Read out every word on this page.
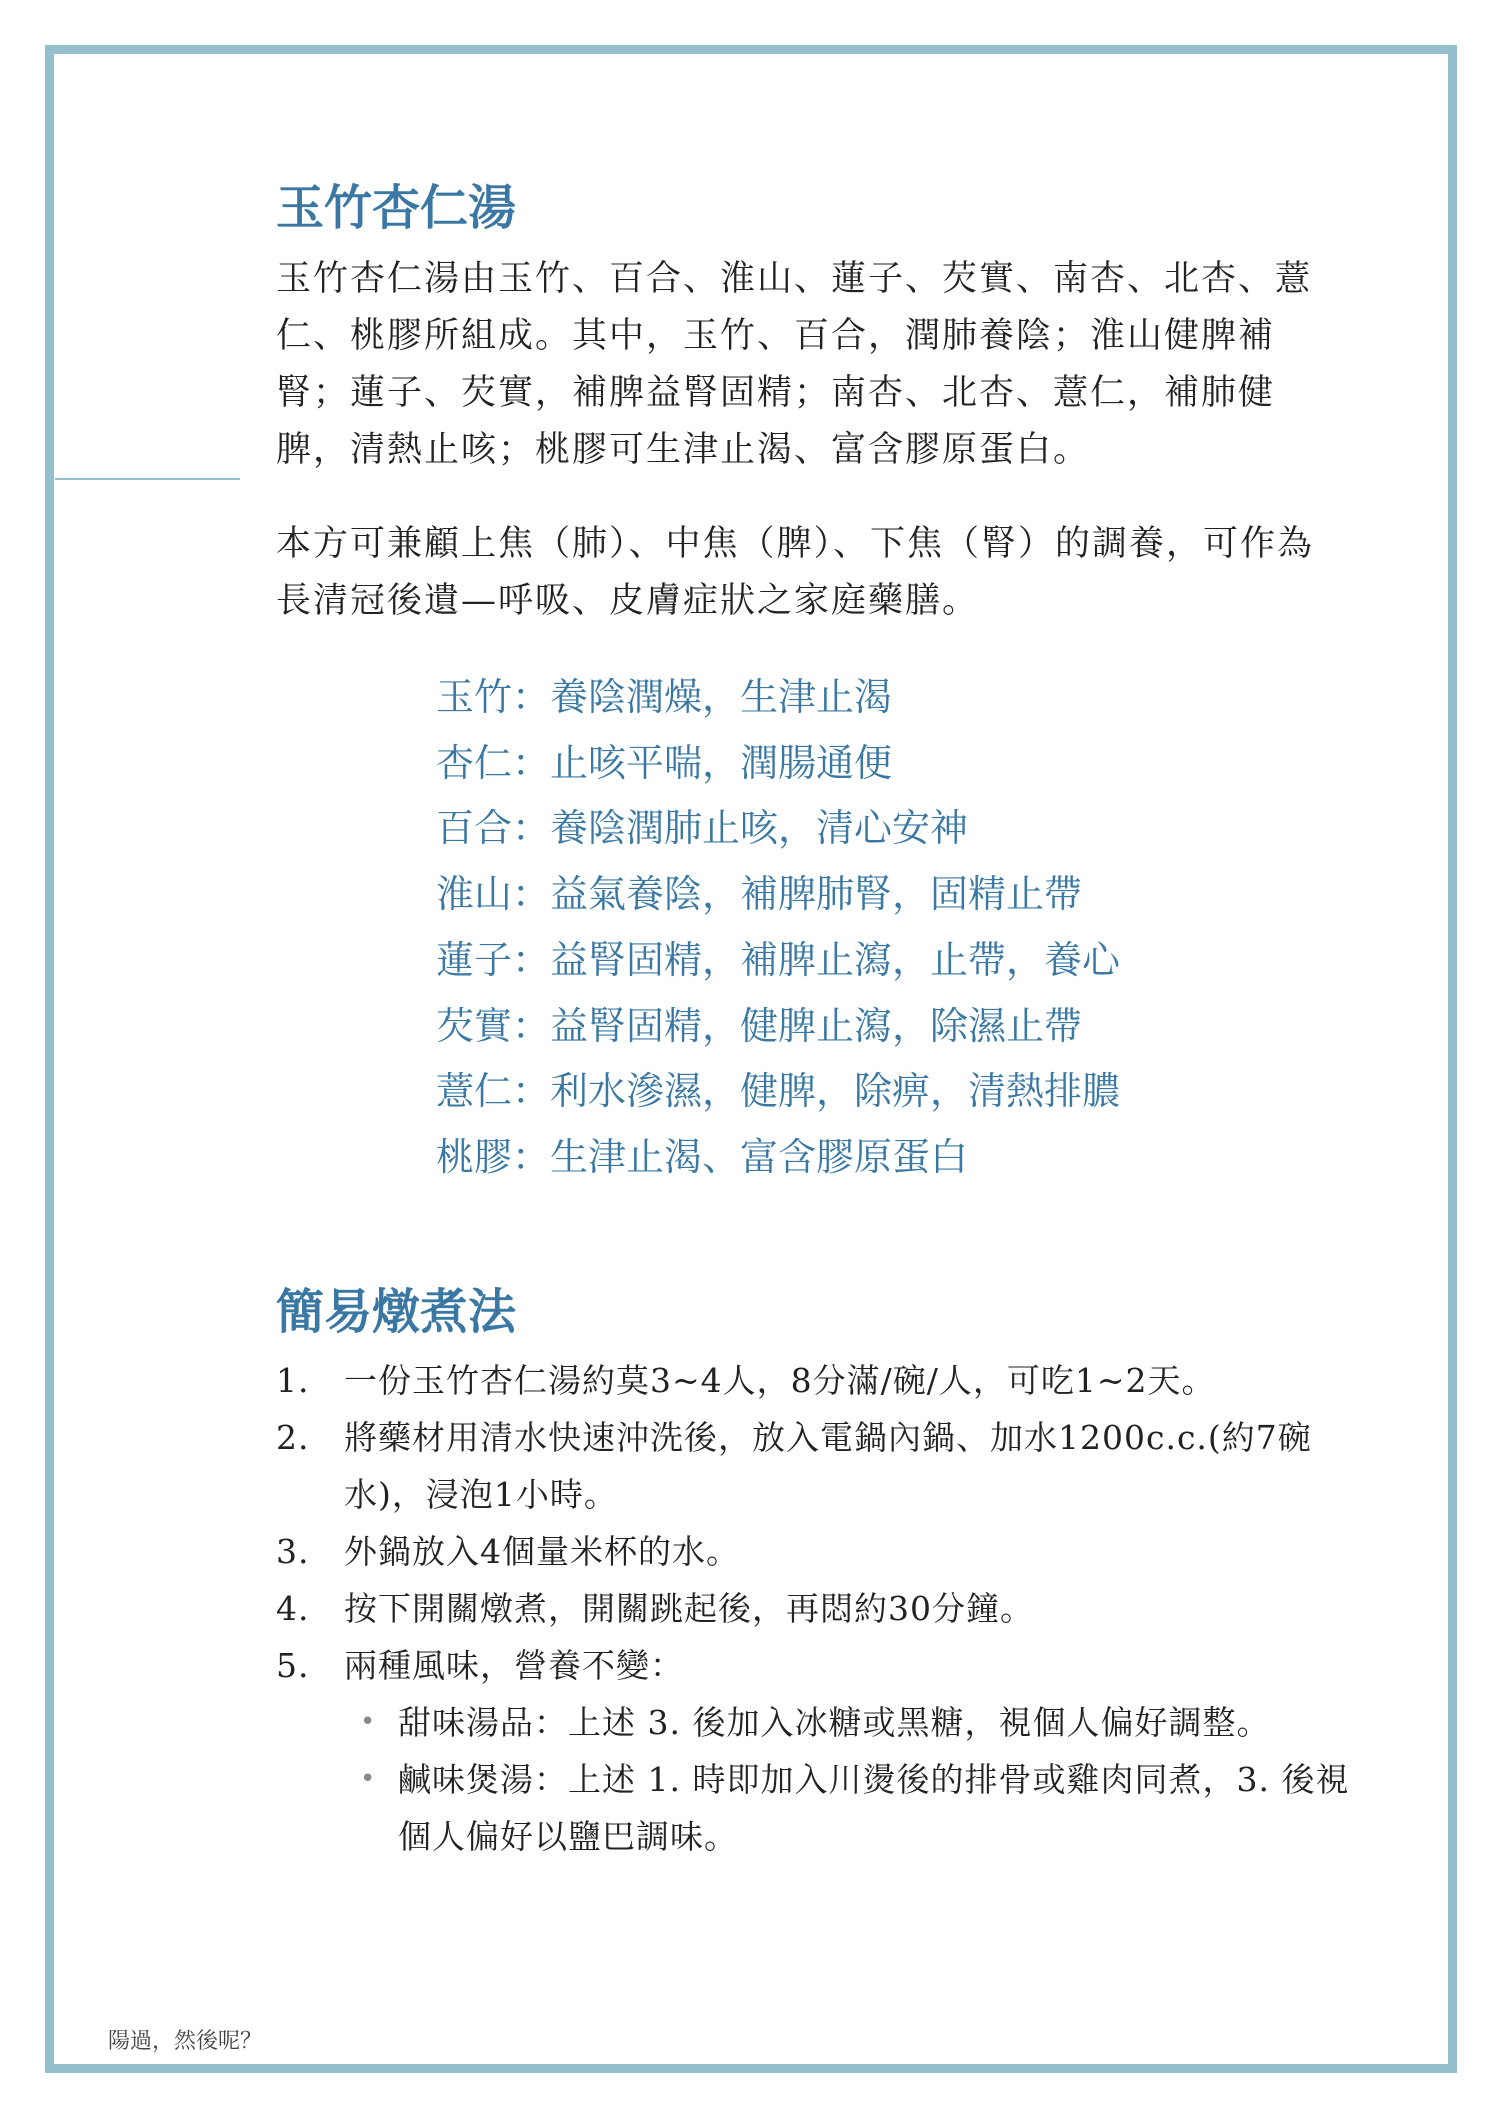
玉竹杏仁湯

玉竹杏仁湯由玉竹、百合、淮山、蓮子、芡實、南杏、北杏、薏仁、桃膠所組成。其中，玉竹、百合，潤肺養陰；淮山健脾補腎；蓮子、芡實，補脾益腎固精；南杏、北杏、薏仁，補肺健脾，清熱止咳；桃膠可生津止渴、富含膠原蛋白。

本方可兼顧上焦（肺）、中焦（脾）、下焦（腎）的調養，可作為長清冠後遺—呼吸、皮膚症狀之家庭藥膳。

玉竹：養陰潤燥，生津止渴
杏仁：止咳平喘，潤腸通便
百合：養陰潤肺止咳，清心安神
淮山：益氣養陰，補脾肺腎，固精止帶
蓮子：益腎固精，補脾止瀉，止帶，養心
芡實：益腎固精，健脾止瀉，除濕止帶
薏仁：利水滲濕，健脾，除痹，清熱排膿
桃膠：生津止渴、富含膠原蛋白
簡易燉煮法
1. 一份玉竹杏仁湯約莫3~4人，8分滿/碗/人，可吃1~2天。
2. 將藥材用清水快速沖洗後，放入電鍋內鍋、加水1200c.c.(約7碗水)，浸泡1小時。
3. 外鍋放入4個量米杯的水。
4. 按下開關燉煮，開關跳起後，再悶約30分鐘。
5. 兩種風味，營養不變：
• 甜味湯品：上述 3. 後加入冰糖或黑糖，視個人偏好調整。
• 鹹味煲湯：上述 1. 時即加入川燙後的排骨或雞肉同煮，3. 後視個人偏好以鹽巴調味。
陽過，然後呢？
